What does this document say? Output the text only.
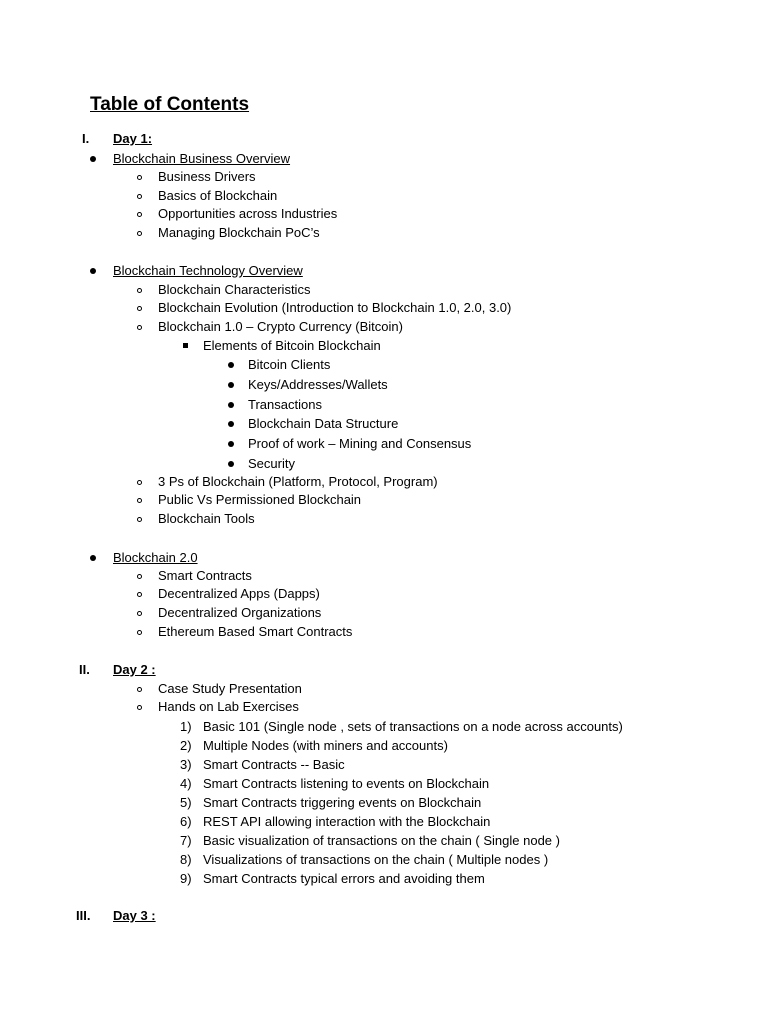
Table of Contents
I. Day 1:
Blockchain Business Overview
Business Drivers
Basics of Blockchain
Opportunities across Industries
Managing Blockchain PoC’s
Blockchain Technology Overview
Blockchain Characteristics
Blockchain Evolution (Introduction to Blockchain 1.0, 2.0, 3.0)
Blockchain 1.0 – Crypto Currency (Bitcoin)
Elements of Bitcoin Blockchain
Bitcoin Clients
Keys/Addresses/Wallets
Transactions
Blockchain Data Structure
Proof of work – Mining and Consensus
Security
3 Ps of Blockchain (Platform, Protocol, Program)
Public Vs Permissioned Blockchain
Blockchain Tools
Blockchain 2.0
Smart Contracts
Decentralized Apps (Dapps)
Decentralized Organizations
Ethereum Based Smart Contracts
II. Day 2 :
Case Study Presentation
Hands on Lab Exercises
1) Basic 101 (Single node , sets of transactions on a node across accounts)
2) Multiple Nodes (with miners and accounts)
3) Smart Contracts -- Basic
4) Smart Contracts listening to events on Blockchain
5) Smart Contracts triggering events on Blockchain
6) REST API allowing interaction with the Blockchain
7) Basic visualization of transactions on the chain ( Single node )
8) Visualizations of transactions on the chain ( Multiple nodes )
9) Smart Contracts typical errors and avoiding them
III. Day 3 :
